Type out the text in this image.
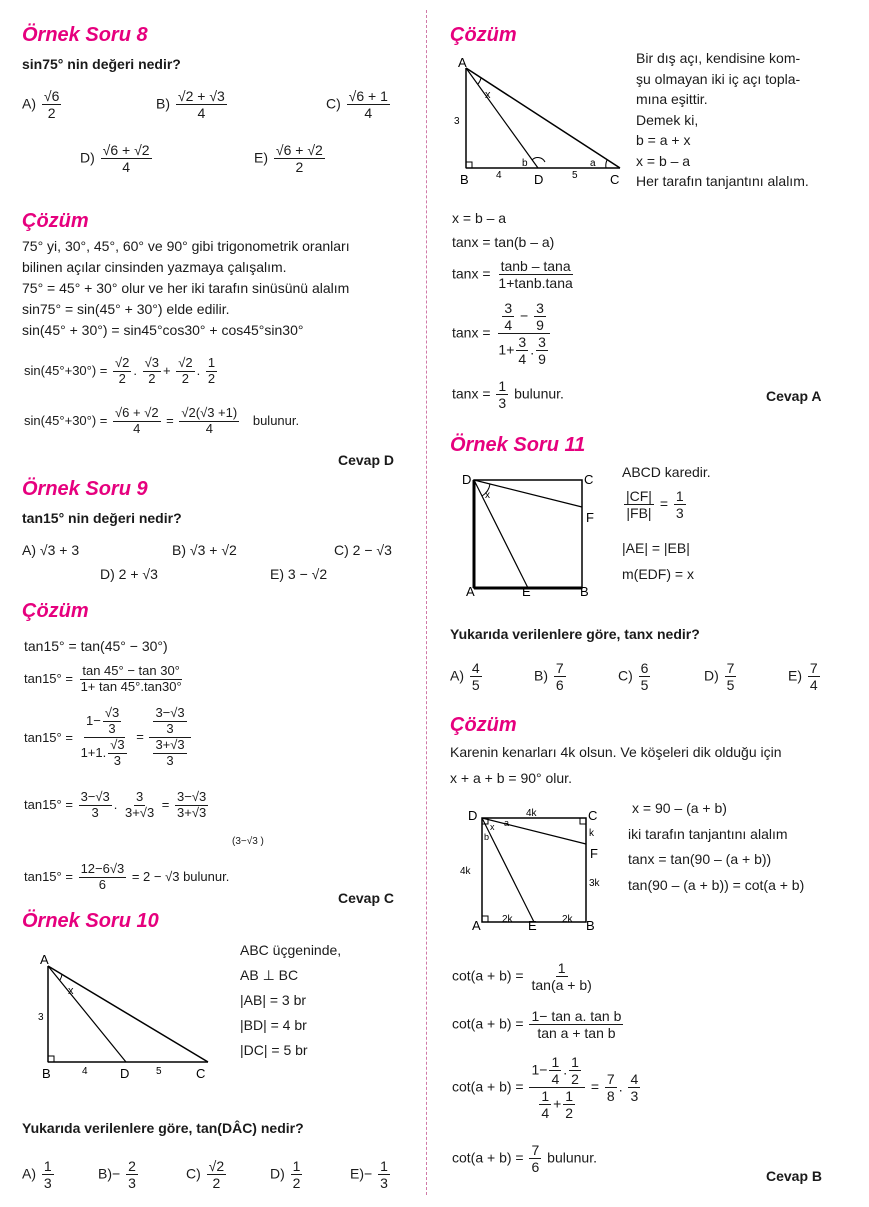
Örnek Soru 8
sin75° nin değeri nedir?
$A) \frac{√6}{2}$	$B) \frac{√2 + √3}{4}$	$C) \frac{√6 + 1}{4}$
$D) \frac{√6 + √2}{4}$	$E) \frac{√6 + √2}{2}$
Çözüm
75° yi, 30°, 45°, 60° ve 90° gibi trigonometrik oranları
bilinen açılar cinsinden yazmaya çalışalım.
75° = 45° + 30° olur ve her iki tarafın sinüsünü alalım
sin75° = sin(45° + 30°) elde edilir.
sin(45° + 30°) = sin45°cos30° + cos45°sin30°
$\sin(45^\circ+30^\circ) = \frac{√2}{2}$ . $\frac{√3}{2} + \frac{√2}{2}$ . $\frac{1}{2}$
$\sin(45^\circ+30^\circ) = \frac{√6 + √2}{4} = \frac{√2(√3 +1)}{4}$ bulunur.
Cevap D
Örnek Soru 9
tan15° nin değeri nedir?
A) √3 + 3	B) √3 + √2	C) 2 − √3
D) 2 + √3	E) 3 − √2
Çözüm
tan15° = tan(45° − 30°)
$\tan 15^\circ = \frac{\tan 45^\circ - \tan 30^\circ}{1+ \tan 45^\circ.\tan 30^\circ}$
$\tan 15^\circ = \frac{1- \frac{√3}{3}}{1+1. \frac{√3}{3}} = \frac{\frac{3-√3}{3}}{\frac{3+√3}{3}}$
$\tan 15^\circ = \frac{3-√3}{3}$ . $\frac{3}{3+√3} = \frac{3-√3}{3+√3}$
(3−√3 )
$\tan 15^\circ = \frac{12-6√3}{6} = 2 - √3$ bulunur.
Cevap C
Örnek Soru 10
A
B	D	C
x
3
4	5
ABC üçgeninde,
AB ⊥ BC
|AB| = 3 br
|BD| = 4 br
|DC| = 5 br
Yukarıda verilenlere göre, tan(DÂC) nedir?
$A) \frac{1}{3}$	$B)- \frac{2}{3}$	$C) \frac{√2}{2}$	$D) \frac{1}{2}$	$E)- \frac{1}{3}$
Çözüm
A
B	D	C
x
b	a
3
4	5
Bir dış açı, kendisine kom-
şu olmayan iki iç açı topla-
mına eşittir.
Demek ki,
b = a + x
x = b – a
Her tarafın tanjantını alalım.
x = b – a
tanx = tan(b – a)
$\tan x = \frac{\tan b - \tan a}{1+\tan b.\tan a}$
$\tan x = \frac{\frac{3}{4} - \frac{3}{9}}{1+ \frac{3}{4} . \frac{3}{9}}$
$\tan x = \frac{1}{3}$ bulunur.	Cevap A
Örnek Soru 11
D	C
F
A	E	B
x
ABCD karedir.
$\frac{|CF|}{|FB|} = \frac{1}{3}$
|AE| = |EB|
m(EDF) = x
Yukarıda verilenlere göre, tanx nedir?
$A) \frac{4}{5}$	$B) \frac{7}{6}$	$C) \frac{6}{5}$	$D) \frac{7}{5}$	$E) \frac{7}{4}$
Çözüm
Karenin kenarları 4k olsun. Ve köşeleri dik olduğu için
x + a + b = 90° olur.
D	C
F
A	E	B
4k
4k
k
3k
2k	2k
x a
b
x = 90 – (a + b)
iki tarafın tanjantını alalım
tanx = tan(90 – (a + b))
tan(90 – (a + b)) = cot(a + b)
$\cot(a + b) = \frac{1}{\tan(a + b)}$
$\cot(a + b) = \frac{\text{1− tan a. tan b}}{\text{tan a + tan b}}$
$\cot(a + b) = \frac{1- \frac{1}{4} . \frac{1}{2}}{\frac{1}{4} + \frac{1}{2}} = \frac{7}{8}$ . $\frac{4}{3}$
$\cot(a + b) = \frac{7}{6}$ bulunur.
Cevap B
